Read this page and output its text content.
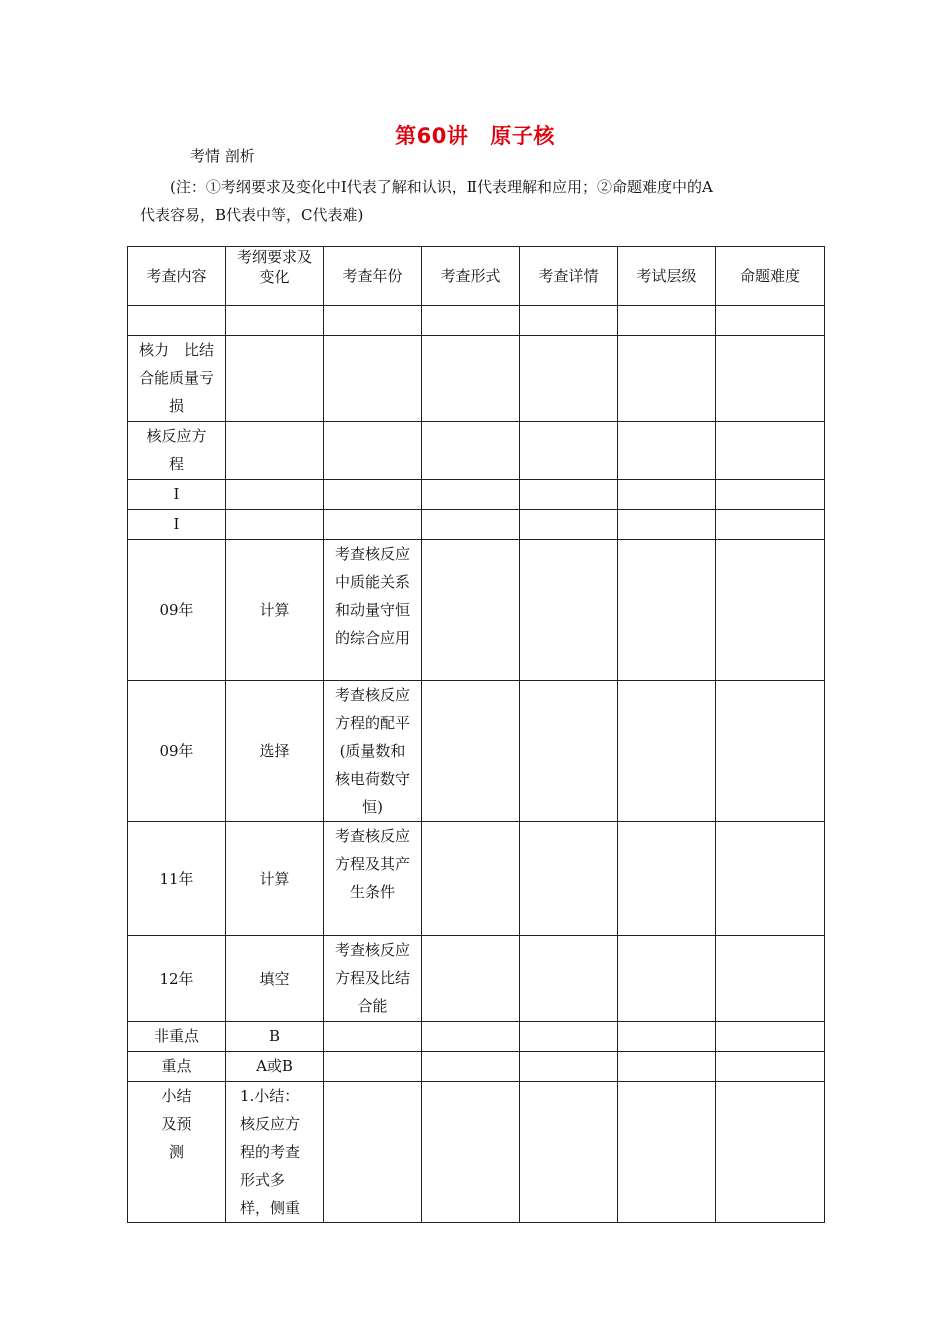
第60讲 原子核
考情 剖析
(注：①考纲要求及变化中Ⅰ代表了解和认识，Ⅱ代表理解和应用；②命题难度中的A
代表容易，B代表中等，C代表难)
考查内容	考纲要求及变化	考查年份	考查形式	考查详情	考试层级	命题难度

核力　比结合能质量亏损						
核反应方程						
Ⅰ						
Ⅰ						
09年	计算	考查核反应中质能关系和动量守恒的综合应用				
09年	选择	考查核反应方程的配平(质量数和核电荷数守恒)				
11年	计算	考查核反应方程及其产生条件				
12年	填空	考查核反应方程及比结合能				
非重点	B					
重点	A或B					
小结及预测	1.小结：核反应方程的考查形式多样，侧重					
